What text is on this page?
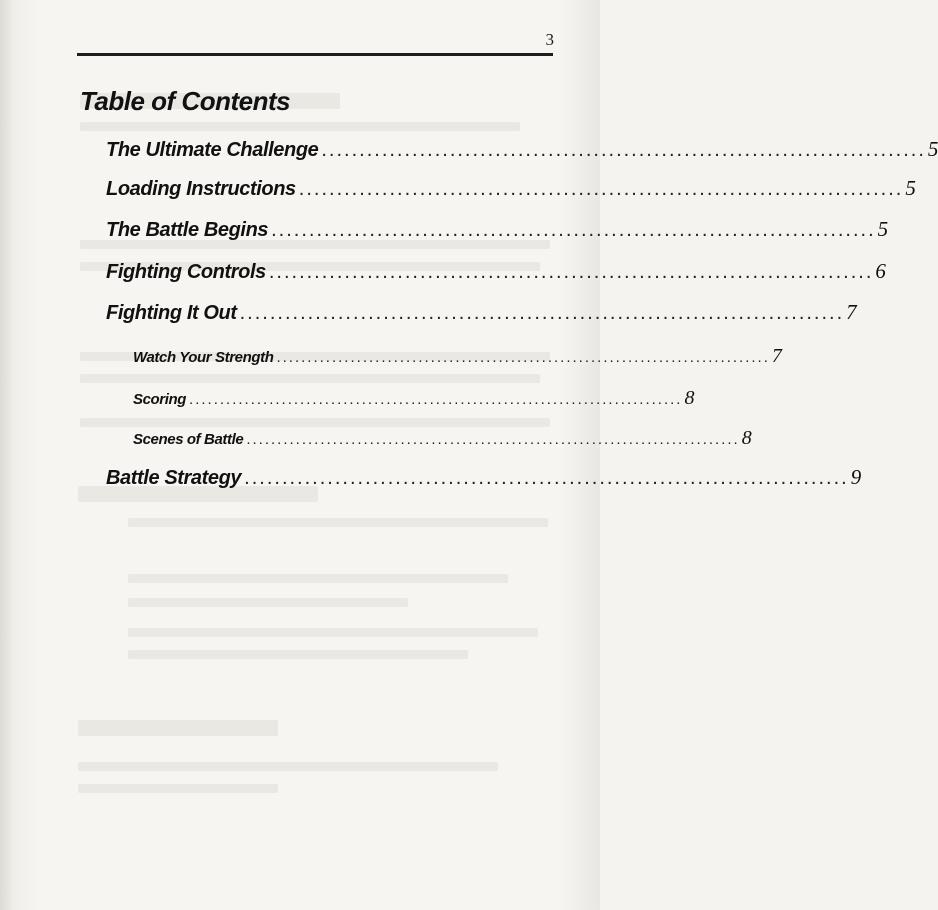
3
Table of Contents
The Ultimate Challenge ................................................................................ 5
Loading Instructions ................................................................................ 5
The Battle Begins ................................................................................ 5
Fighting Controls ................................................................................ 6
Fighting It Out ................................................................................ 7
Watch Your Strength ................................................................................ 7
Scoring ................................................................................ 8
Scenes of Battle ................................................................................ 8
Battle Strategy ................................................................................ 9
